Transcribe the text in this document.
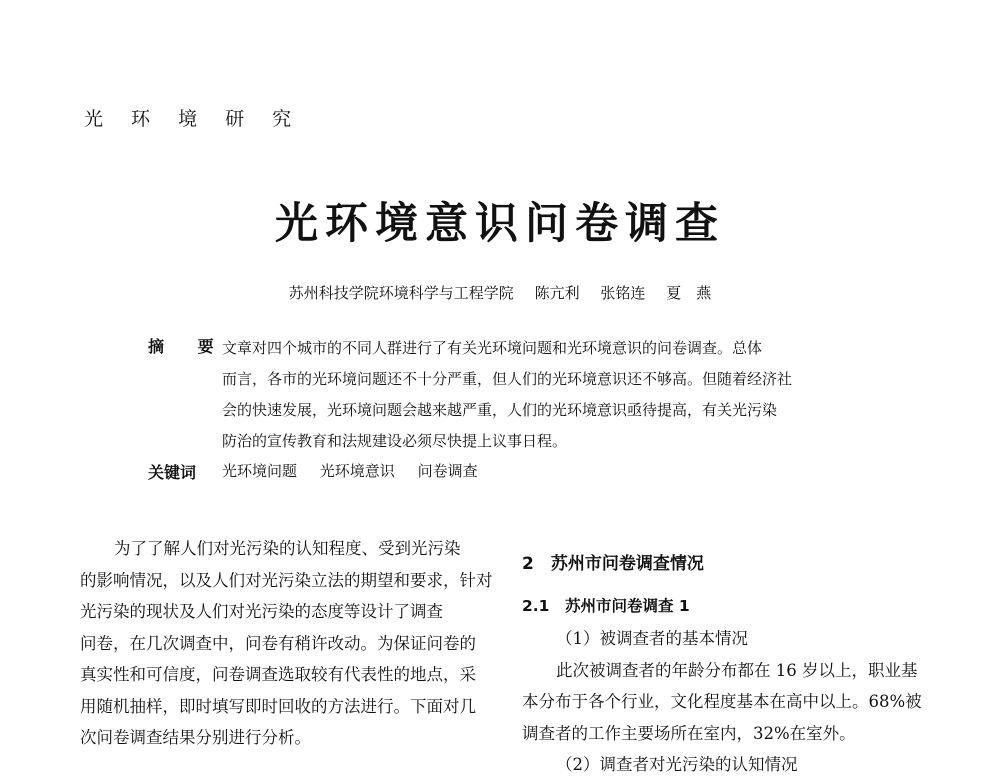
光 环 境 研 究
光环境意识问卷调查
苏州科技学院环境科学与工程学院 陈亢利 张铭连 夏　燕
摘 要
文章对四个城市的不同人群进行了有关光环境问题和光环境意识的问卷调查。总体
而言，各市的光环境问题还不十分严重，但人们的光环境意识还不够高。但随着经济社
会的快速发展，光环境问题会越来越严重，人们的光环境意识亟待提高，有关光污染
防治的宣传教育和法规建设必须尽快提上议事日程。
关键词 光环境问题 光环境意识 问卷调查
为了了解人们对光污染的认知程度、受到光污染
的影响情况，以及人们对光污染立法的期望和要求，针对
光污染的现状及人们对光污染的态度等设计了调查
问卷，在几次调查中，问卷有稍许改动。为保证问卷的
真实性和可信度，问卷调查选取较有代表性的地点，采
用随机抽样，即时填写即时回收的方法进行。下面对几
次问卷调查结果分别进行分析。
2　苏州市问卷调查情况
2.1　苏州市问卷调查 1
（1）被调查者的基本情况
此次被调查者的年龄分布都在 16 岁以上，职业基
本分布于各个行业，文化程度基本在高中以上。68%被
调查者的工作主要场所在室内，32%在室外。
（2）调查者对光污染的认知情况
